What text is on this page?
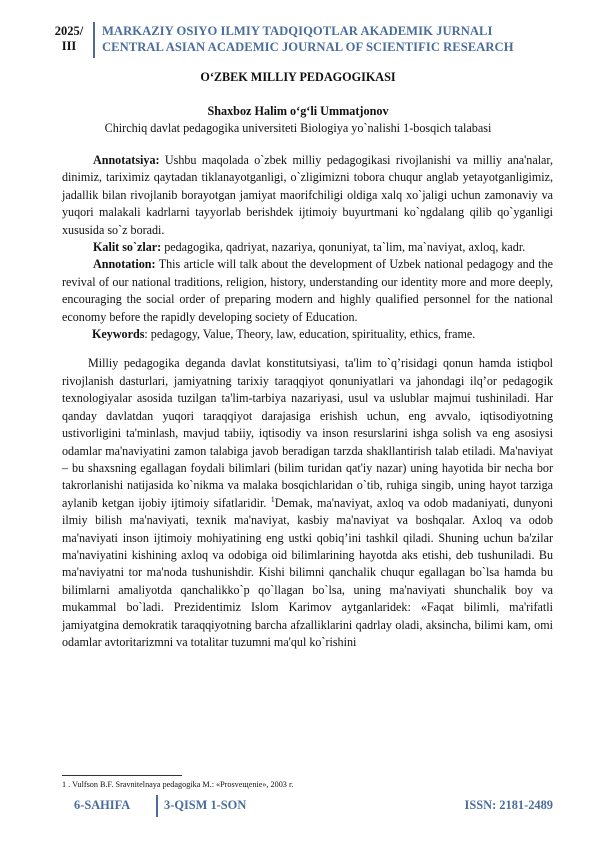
2025/
III
MARKAZIY OSIYO ILMIY TADQIQOTLAR AKADEMIK JURNALI
CENTRAL ASIAN ACADEMIC JOURNAL OF SCIENTIFIC RESEARCH
O‘ZBEK MILLIY PEDAGOGIKASI
Shaxboz Halim o‘g‘li Ummatjonov
Chirchiq davlat pedagogika universiteti Biologiya yo`nalishi 1-bosqich talabasi

Annotatsiya: Ushbu maqolada o`zbek milliy pedagogikasi rivojlanishi va milliy ana'nalar, dinimiz, tariximiz qaytadan tiklanayotganligi, o`zligimizni tobora chuqur anglab yetayotganligimiz, jadallik bilan rivojlanib borayotgan jamiyat maorifchiligi oldiga xalq xo`jaligi uchun zamonaviy va yuqori malakali kadrlarni tayyorlab berishdek ijtimoiy buyurtmani ko`ngdalang qilib qo`yganligi xususida so`z boradi.

Kalit so`zlar: pedagogika, qadriyat, nazariya, qonuniyat, ta`lim, ma`naviyat, axloq, kadr.

Annotation: This article will talk about the development of Uzbek national pedagogy and the revival of our national traditions, religion, history, understanding our identity more and more deeply, encouraging the social order of preparing modern and highly qualified personnel for the national economy before the rapidly developing society of Education.

Keywords: pedagogy, Value, Theory, law, education, spirituality, ethics, frame.

Milliy pedagogika deganda davlat konstitutsiyasi, ta'lim to`q’risidagi qonun hamda istiqbol rivojlanish dasturlari, jamiyatning tarixiy taraqqiyot qonuniyatlari va jahondagi ilq’or pedagogik texnologiyalar asosida tuzilgan ta'lim-tarbiya nazariyasi, usul va uslublar majmui tushiniladi. Har qanday davlatdan yuqori taraqqiyot darajasiga erishish uchun, eng avvalo, iqtisodiyotning ustivorligini ta'minlash, mavjud tabiiy, iqtisodiy va inson resurslarini ishga solish va eng asosiysi odamlar ma'naviyatini zamon talabiga javob beradigan tarzda shakllantirish talab etiladi. Ma'naviyat – bu shaxsning egallagan foydali bilimlari (bilim turidan qat'iy nazar) uning hayotida bir necha bor takrorlanishi natijasida ko`nikma va malaka bosqichlaridan o`tib, ruhiga singib, uning hayot tarziga aylanib ketgan ijobiy ijtimoiy sifatlaridir. $^1$Demak, ma'naviyat, axloq va odob madaniyati, dunyoni ilmiy bilish ma'naviyati, texnik ma'naviyat, kasbiy ma'naviyat va boshqalar. Axloq va odob ma'naviyati inson ijtimoiy mohiyatining eng ustki qobiq’ini tashkil qiladi. Shuning uchun ba'zilar ma'naviyatini kishining axloq va odobiga oid bilimlarining hayotda aks etishi, deb tushuniladi. Bu ma'naviyatni tor ma'noda tushunishdir. Kishi bilimni qanchalik chuqur egallagan bo`lsa hamda bu bilimlarni amaliyotda qanchalikko`p qo`llagan bo`lsa, uning ma'naviyati shunchalik boy va mukammal bo`ladi. Prezidentimiz Islom Karimov aytganlaridek: «Faqat bilimli, ma'rifatli jamiyatgina demokratik taraqqiyotning barcha afzalliklarini qadrlay oladi, aksincha, bilimi kam, omi odamlar avtoritarizmni va totalitar tuzumni ma'qul ko`rishini

1 . Vulfson B.F. Sravnitelnaya pedagogika M.: «Prosvещеniе», 2003 г.
6-SAHIFA	3-QISM 1-SON	ISSN: 2181-2489
